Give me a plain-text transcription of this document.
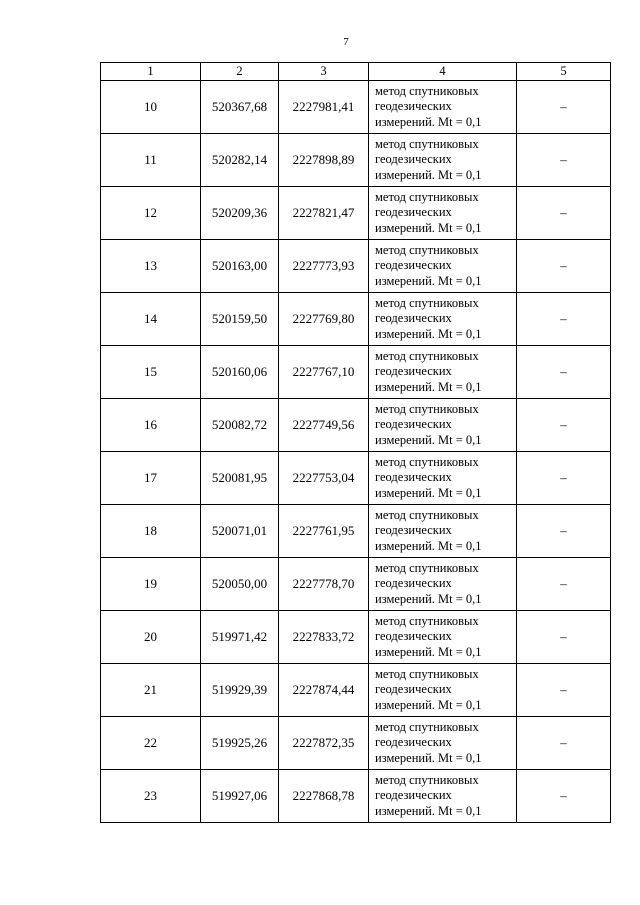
7
1	2	3	4	5
10	520367,68	2227981,41	метод спутниковых
геодезических
измерений. Mt = 0,1	–
11	520282,14	2227898,89	метод спутниковых
геодезических
измерений. Mt = 0,1	–
12	520209,36	2227821,47	метод спутниковых
геодезических
измерений. Mt = 0,1	–
13	520163,00	2227773,93	метод спутниковых
геодезических
измерений. Mt = 0,1	–
14	520159,50	2227769,80	метод спутниковых
геодезических
измерений. Mt = 0,1	–
15	520160,06	2227767,10	метод спутниковых
геодезических
измерений. Mt = 0,1	–
16	520082,72	2227749,56	метод спутниковых
геодезических
измерений. Mt = 0,1	–
17	520081,95	2227753,04	метод спутниковых
геодезических
измерений. Mt = 0,1	–
18	520071,01	2227761,95	метод спутниковых
геодезических
измерений. Mt = 0,1	–
19	520050,00	2227778,70	метод спутниковых
геодезических
измерений. Mt = 0,1	–
20	519971,42	2227833,72	метод спутниковых
геодезических
измерений. Mt = 0,1	–
21	519929,39	2227874,44	метод спутниковых
геодезических
измерений. Mt = 0,1	–
22	519925,26	2227872,35	метод спутниковых
геодезических
измерений. Mt = 0,1	–
23	519927,06	2227868,78	метод спутниковых
геодезических
измерений. Mt = 0,1	–
